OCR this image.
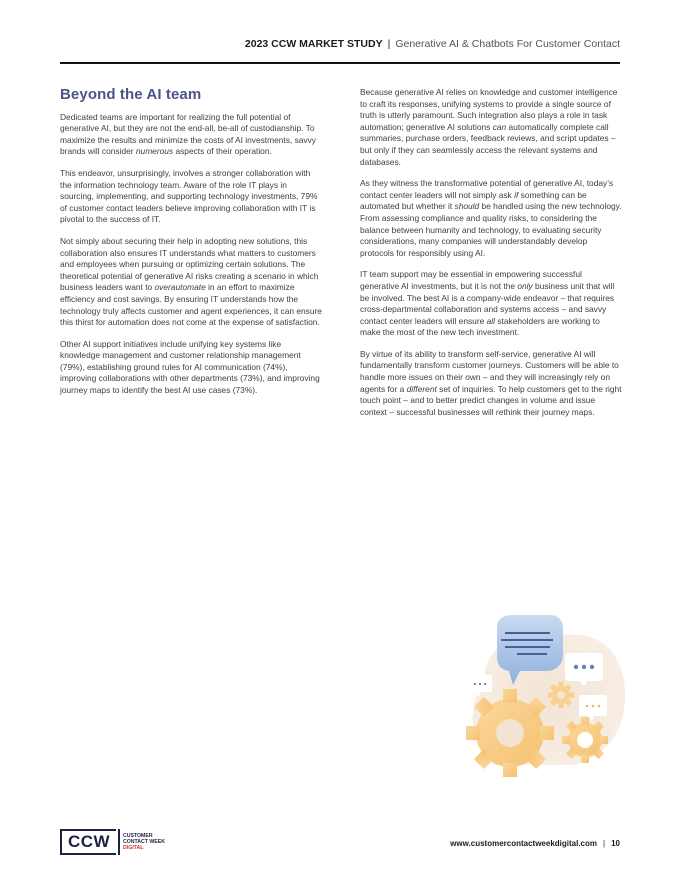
2023 CCW MARKET STUDY | Generative AI & Chatbots For Customer Contact
Beyond the AI team

Dedicated teams are important for realizing the full potential of generative AI, but they are not the end-all, be-all of custodianship. To maximize the results and minimize the costs of AI investments, savvy brands will consider numerous aspects of their operation.

This endeavor, unsurprisingly, involves a stronger collaboration with the information technology team. Aware of the role IT plays in sourcing, implementing, and supporting technology investments, 79% of customer contact leaders believe improving collaboration with IT is pivotal to the success of IT.

Not simply about securing their help in adopting new solutions, this collaboration also ensures IT understands what matters to customers and employees when pursuing or optimizing certain solutions. The theoretical potential of generative AI risks creating a scenario in which business leaders want to overautomate in an effort to maximize efficiency and cost savings. By ensuring IT understands how the technology truly affects customer and agent experiences, it can ensure this thirst for automation does not come at the expense of satisfaction.

Other AI support initiatives include unifying key systems like knowledge management and customer relationship management (79%), establishing ground rules for AI communication (74%), improving collaborations with other departments (73%), and improving journey maps to identify the best AI use cases (73%).

Because generative AI relies on knowledge and customer intelligence to craft its responses, unifying systems to provide a single source of truth is utterly paramount. Such integration also plays a role in task automation; generative AI solutions can automatically complete call summaries, purchase orders, feedback reviews, and script updates – but only if they can seamlessly access the relevant systems and databases.

As they witness the transformative potential of generative AI, today’s contact center leaders will not simply ask if something can be automated but whether it should be handled using the new technology. From assessing compliance and quality risks, to considering the balance between humanity and technology, to evaluating security considerations, many companies will understandably develop protocols for responsibly using AI.

IT team support may be essential in empowering successful generative AI investments, but it is not the only business unit that will be involved. The best AI is a company-wide endeavor – that requires cross-departmental collaboration and systems access – and savvy contact center leaders will ensure all stakeholders are working to make the most of the new tech investment.

By virtue of its ability to transform self-service, generative AI will fundamentally transform customer journeys. Customers will be able to handle more issues on their own – and they will increasingly rely on agents for a different set of inquiries. To help customers get to the right touch point – and to better predict changes in volume and issue context – successful businesses will rethink their journey maps.

CCW	CUSTOMER
CONTACT WEEK
DIGITAL	www.customercontactweekdigital.com | 10
